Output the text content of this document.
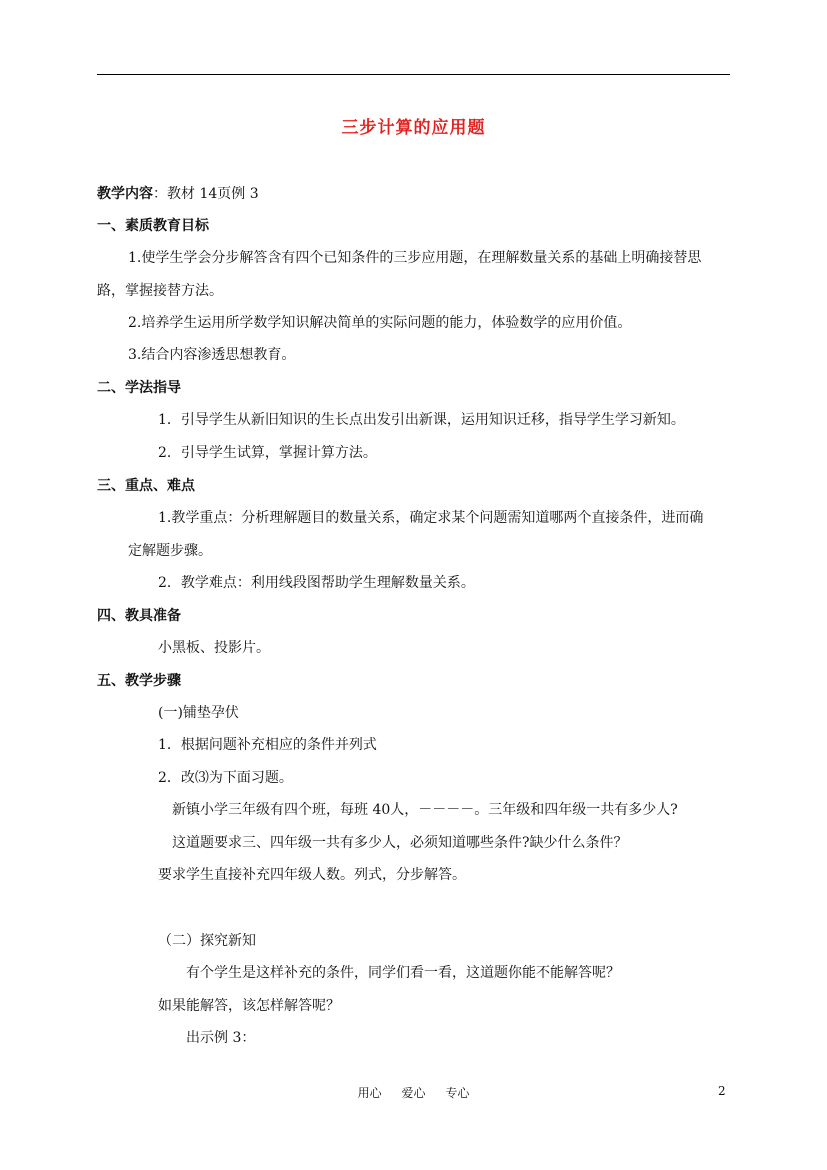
三步计算的应用题
教学内容：教材 14页例 3
一、素质教育目标
1.使学生学会分步解答含有四个已知条件的三步应用题，在理解数量关系的基础上明确接替思
路，掌握接替方法。
2.培养学生运用所学数学知识解决简单的实际问题的能力，体验数学的应用价值。
3.结合内容渗透思想教育。
二、学法指导
1．引导学生从新旧知识的生长点出发引出新课，运用知识迁移，指导学生学习新知。
2．引导学生试算，掌握计算方法。
三、重点、难点
1.教学重点：分析理解题目的数量关系，确定求某个问题需知道哪两个直接条件，进而确
定解题步骤。
2．教学难点：利用线段图帮助学生理解数量关系。
四、教具准备
小黑板、投影片。
五、教学步骤
(一)铺垫孕伏
1．根据问题补充相应的条件并列式
2．改⑶为下面习题。
新镇小学三年级有四个班，每班 40人，－－－－。三年级和四年级一共有多少人?
这道题要求三、四年级一共有多少人，必须知道哪些条件?缺少什么条件？
要求学生直接补充四年级人数。列式，分步解答。
（二）探究新知
有个学生是这样补充的条件，同学们看一看，这道题你能不能解答呢？
如果能解答，该怎样解答呢？
出示例 3：
用心 爱心 专心	2
